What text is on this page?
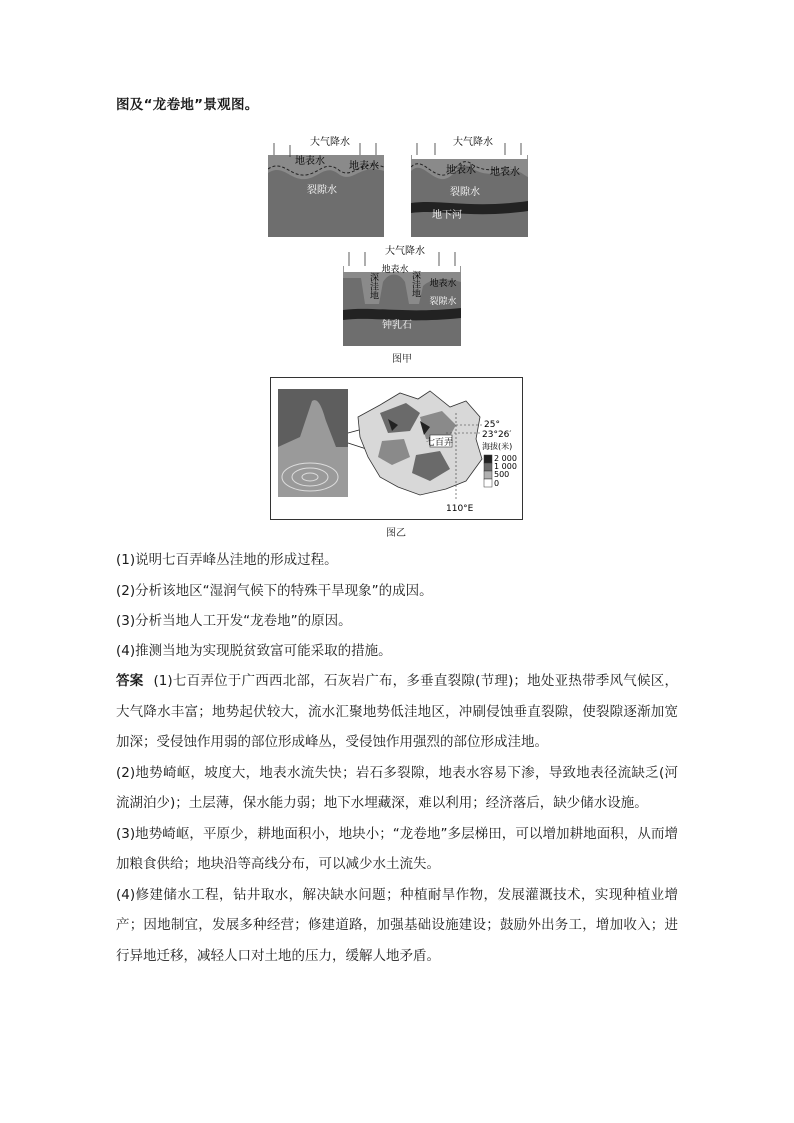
图及“龙卷地”景观图。
大气降水
地表水 地表水
裂隙水
大气降水
地表水 地表水
裂隙水
地下河
大气降水
地表水
地表水
深洼地	深洼地
裂隙水
钟乳石
图甲
七百弄
25°
23°26′
110°E
海拔(米)
2 000
1 000
500
0
图乙
(1)说明七百弄峰丛洼地的形成过程。
(2)分析该地区“湿润气候下的特殊干旱现象”的成因。
(3)分析当地人工开发“龙卷地”的原因。
(4)推测当地为实现脱贫致富可能采取的措施。

答案 (1)七百弄位于广西西北部，石灰岩广布，多垂直裂隙(节理)；地处亚热带季风气候区，大气降水丰富；地势起伏较大，流水汇聚地势低洼地区，冲刷侵蚀垂直裂隙，使裂隙逐渐加宽加深；受侵蚀作用弱的部位形成峰丛，受侵蚀作用强烈的部位形成洼地。

(2)地势崎岖，坡度大，地表水流失快；岩石多裂隙，地表水容易下渗，导致地表径流缺乏(河流湖泊少)；土层薄，保水能力弱；地下水埋藏深，难以利用；经济落后，缺少储水设施。

(3)地势崎岖，平原少，耕地面积小，地块小；“龙卷地”多层梯田，可以增加耕地面积，从而增加粮食供给；地块沿等高线分布，可以减少水土流失。

(4)修建储水工程，钻井取水，解决缺水问题；种植耐旱作物，发展灌溉技术，实现种植业增产；因地制宜，发展多种经营；修建道路，加强基础设施建设；鼓励外出务工，增加收入；进行异地迁移，减轻人口对土地的压力，缓解人地矛盾。
